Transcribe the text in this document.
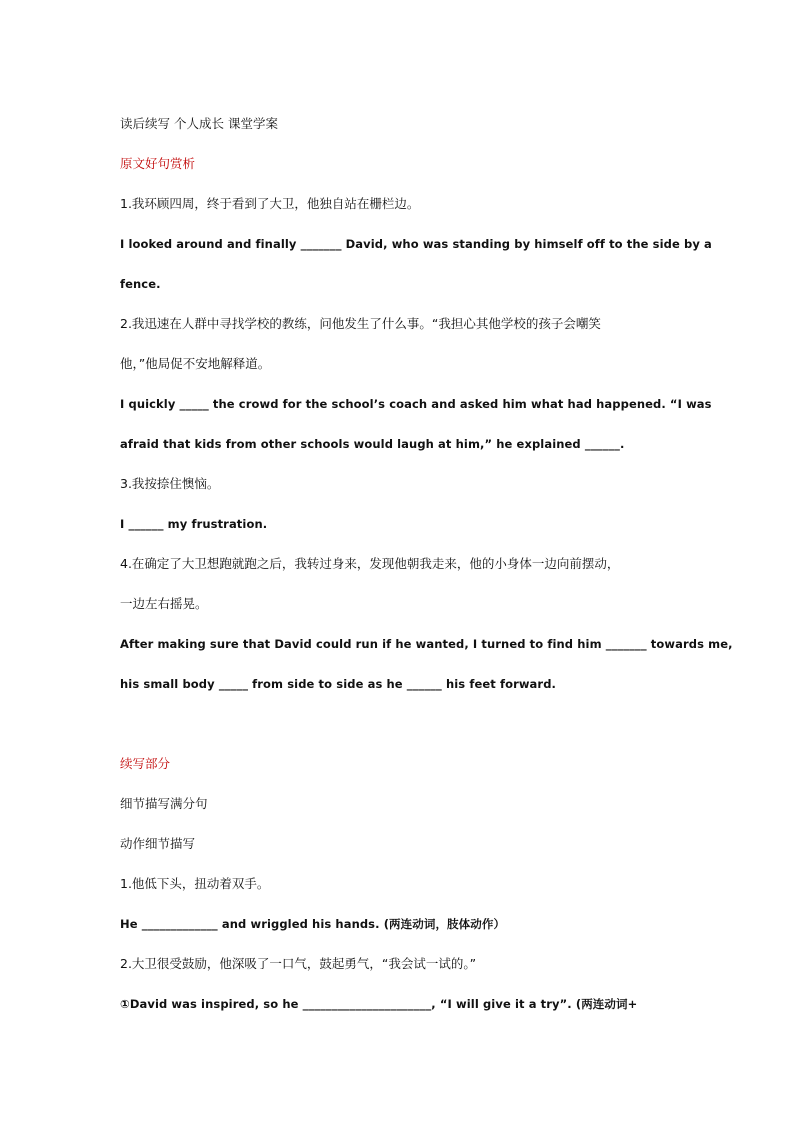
读后续写 个人成长 课堂学案
原文好句赏析
1.我环顾四周，终于看到了大卫，他独自站在栅栏边。
I looked around and finally _______ David, who was standing by himself off to the side by a
fence.
2.我迅速在人群中寻找学校的教练，问他发生了什么事。“我担心其他学校的孩子会嘲笑
他，”他局促不安地解释道。
I quickly _____ the crowd for the school’s coach and asked him what had happened. “I was
afraid that kids from other schools would laugh at him,” he explained ______.
3.我按捺住懊恼。
I ______ my frustration.
4.在确定了大卫想跑就跑之后，我转过身来，发现他朝我走来，他的小身体一边向前摆动，
一边左右摇晃。
After making sure that David could run if he wanted, I turned to find him _______ towards me,
his small body _____ from side to side as he ______ his feet forward.
续写部分
细节描写满分句
动作细节描写
1.他低下头，扭动着双手。
He _____________ and wriggled his hands. (两连动词，肢体动作）
2.大卫很受鼓励，他深吸了一口气，鼓起勇气，“我会试一试的。”
①David was inspired, so he ______________________, “I will give it a try”. (两连动词+
